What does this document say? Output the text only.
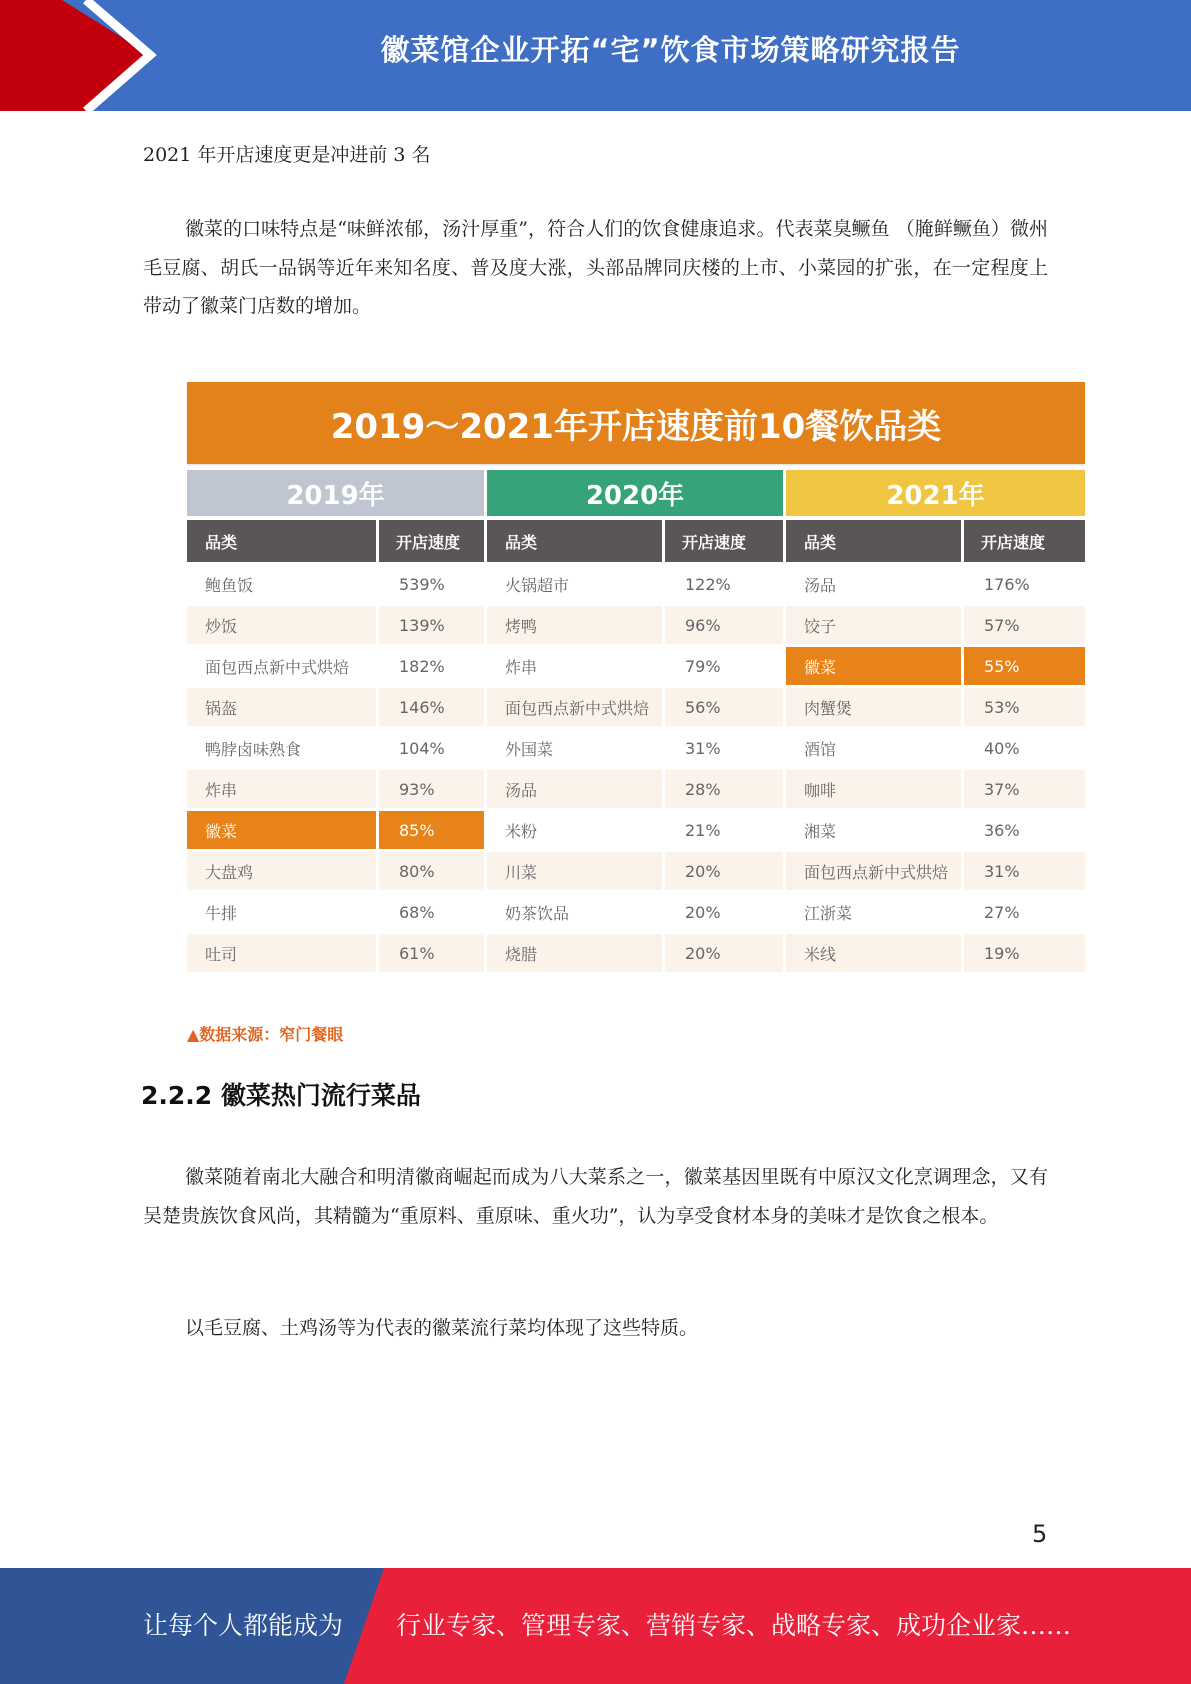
徽菜馆企业开拓“宅”饮食市场策略研究报告
2021 年开店速度更是冲进前 3 名
徽菜的口味特点是“味鲜浓郁，汤汁厚重”，符合人们的饮食健康追求。代表菜臭鳜鱼 （腌鲜鳜鱼）微州毛豆腐、胡氏一品锅等近年来知名度、普及度大涨，头部品牌同庆楼的上市、小菜园的扩张，在一定程度上带动了徽菜门店数的增加。
2019～2021年开店速度前10餐饮品类
2019年	2020年	2021年
品类	开店速度
鲍鱼饭	539%
炒饭	139%
面包西点新中式烘焙	182%
锅盔	146%
鸭脖卤味熟食	104%
炸串	93%
徽菜	85%
大盘鸡	80%
牛排	68%
吐司	61%
品类	开店速度
火锅超市	122%
烤鸭	96%
炸串	79%
面包西点新中式烘焙	56%
外国菜	31%
汤品	28%
米粉	21%
川菜	20%
奶茶饮品	20%
烧腊	20%
品类	开店速度
汤品	176%
饺子	57%
徽菜	55%
肉蟹煲	53%
酒馆	40%
咖啡	37%
湘菜	36%
面包西点新中式烘焙	31%
江浙菜	27%
米线	19%
▲数据来源：窄门餐眼
2.2.2 徽菜热门流行菜品
徽菜随着南北大融合和明清徽商崛起而成为八大菜系之一，徽菜基因里既有中原汉文化烹调理念，又有吴楚贵族饮食风尚，其精髓为“重原料、重原味、重火功”，认为享受食材本身的美味才是饮食之根本。
以毛豆腐、土鸡汤等为代表的徽菜流行菜均体现了这些特质。
5
让每个人都能成为 行业专家、管理专家、营销专家、战略专家、成功企业家……
